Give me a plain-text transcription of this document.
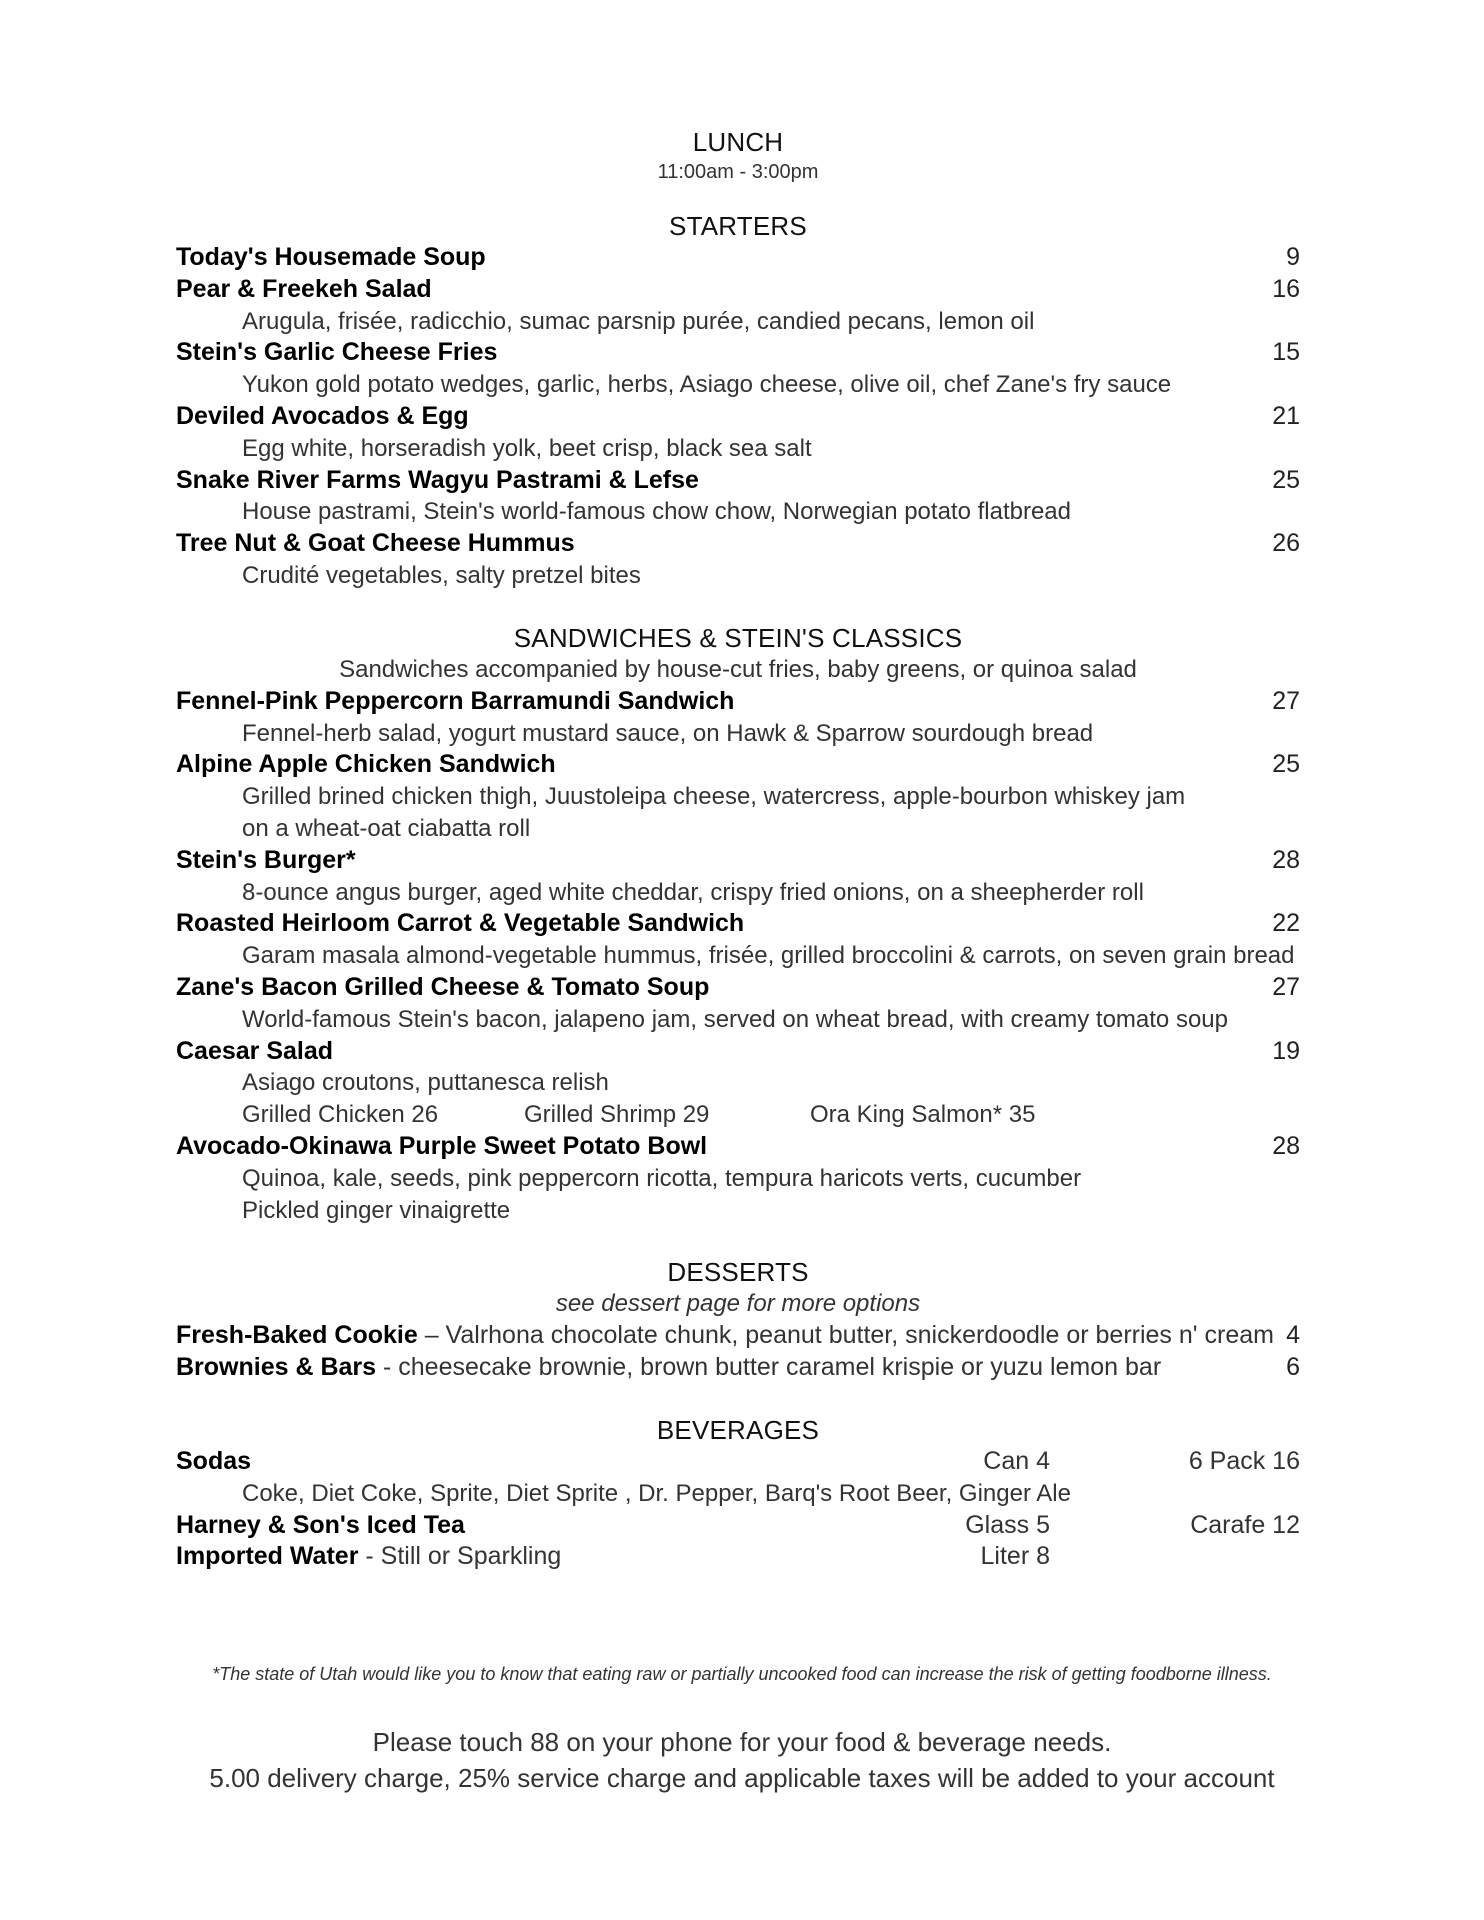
LUNCH
11:00am - 3:00pm
STARTERS
Today's Housemade Soup	9
Pear & Freekeh Salad	16
Arugula, frisée, radicchio, sumac parsnip purée, candied pecans, lemon oil
Stein's Garlic Cheese Fries	15
Yukon gold potato wedges, garlic, herbs, Asiago cheese, olive oil, chef Zane's fry sauce
Deviled Avocados & Egg	21
Egg white, horseradish yolk, beet crisp, black sea salt
Snake River Farms Wagyu Pastrami & Lefse	25
House pastrami, Stein's world-famous chow chow, Norwegian potato flatbread
Tree Nut & Goat Cheese Hummus	26
Crudité vegetables, salty pretzel bites
SANDWICHES & STEIN'S CLASSICS
Sandwiches accompanied by house-cut fries, baby greens, or quinoa salad
Fennel-Pink Peppercorn Barramundi Sandwich	27
Fennel-herb salad, yogurt mustard sauce, on Hawk & Sparrow sourdough bread
Alpine Apple Chicken Sandwich	25
Grilled brined chicken thigh, Juustoleipa cheese, watercress, apple-bourbon whiskey jam
on a wheat-oat ciabatta roll
Stein's Burger*	28
8-ounce angus burger, aged white cheddar, crispy fried onions, on a sheepherder roll
Roasted Heirloom Carrot & Vegetable Sandwich	22
Garam masala almond-vegetable hummus, frisée, grilled broccolini & carrots, on seven grain bread
Zane's Bacon Grilled Cheese & Tomato Soup	27
World-famous Stein's bacon, jalapeno jam, served on wheat bread, with creamy tomato soup
Caesar Salad	19
Asiago croutons, puttanesca relish
Grilled Chicken 26	Grilled Shrimp 29	Ora King Salmon* 35
Avocado-Okinawa Purple Sweet Potato Bowl	28
Quinoa, kale, seeds, pink peppercorn ricotta, tempura haricots verts, cucumber
Pickled ginger vinaigrette
DESSERTS
see dessert page for more options
Fresh-Baked Cookie – Valrhona chocolate chunk, peanut butter, snickerdoodle or berries n' cream 4
Brownies & Bars - cheesecake brownie, brown butter caramel krispie or yuzu lemon bar	6
BEVERAGES
Sodas	Can 4	6 Pack 16
Coke, Diet Coke, Sprite, Diet Sprite , Dr. Pepper, Barq's Root Beer, Ginger Ale
Harney & Son's Iced Tea	Glass 5	Carafe 12
Imported Water - Still or Sparkling	Liter 8
*The state of Utah would like you to know that eating raw or partially uncooked food can increase the risk of getting foodborne illness.
Please touch 88 on your phone for your food & beverage needs.
5.00 delivery charge, 25% service charge and applicable taxes will be added to your account
